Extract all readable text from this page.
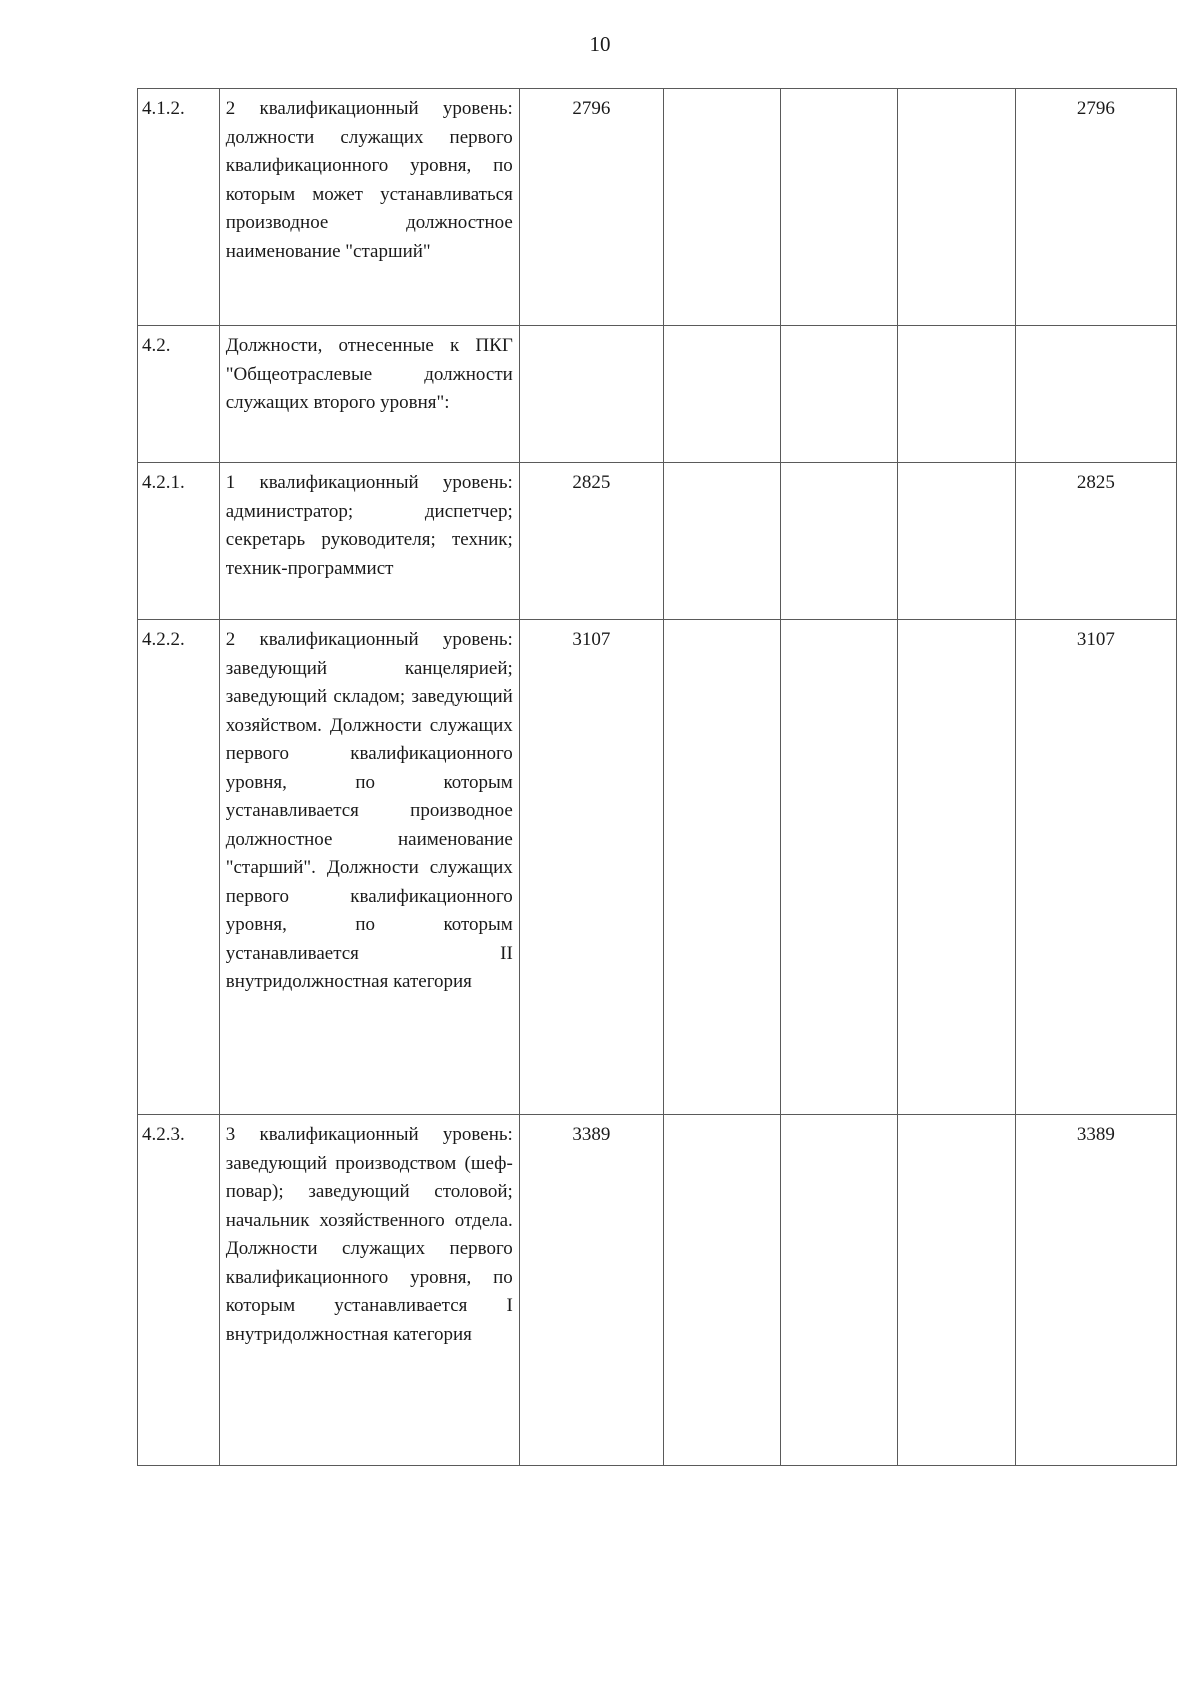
10
4.1.2.	2 квалификационный уровень: должности служащих первого квалификационного уровня, по которым может устанавливаться производное должностное наименование "старший"	2796				2796
4.2.	Должности, отнесенные к ПКГ "Общеотраслевые должности служащих второго уровня":					
4.2.1.	1 квалификационный уровень: администратор; диспетчер; секретарь руководителя; техник; техник-программист	2825				2825
4.2.2.	2 квалификационный уровень: заведующий канцелярией; заведующий складом; заведующий хозяйством. Должности служащих первого квалификационного уровня, по которым устанавливается производное должностное наименование "старший". Должности служащих первого квалификационного уровня, по которым устанавливается II внутридолжностная категория	3107				3107
4.2.3.	3 квалификационный уровень: заведующий производством (шеф-повар); заведующий столовой; начальник хозяйственного отдела. Должности служащих первого квалификационного уровня, по которым устанавливается I внутридолжностная категория	3389				3389
